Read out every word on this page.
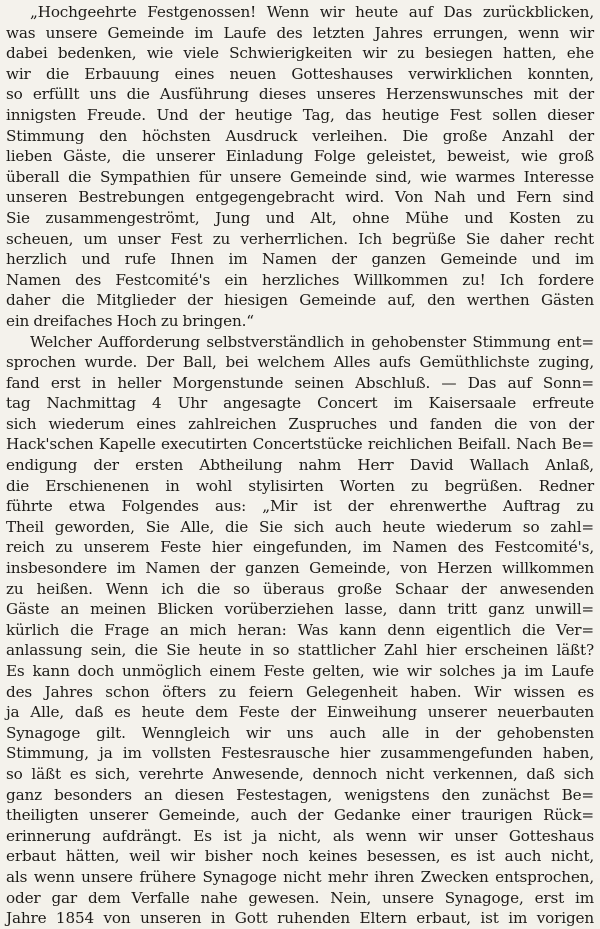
„Hochgeehrte Festgenossen! Wenn wir heute auf Das zurückblicken,
was unsere Gemeinde im Laufe des letzten Jahres errungen, wenn wir
dabei bedenken, wie viele Schwierigkeiten wir zu besiegen hatten, ehe
wir die Erbauung eines neuen Gotteshauses verwirklichen konnten,
so erfüllt uns die Ausführung dieses unseres Herzenswunsches mit der
innigsten Freude. Und der heutige Tag, das heutige Fest sollen dieser
Stimmung den höchsten Ausdruck verleihen. Die große Anzahl der
lieben Gäste, die unserer Einladung Folge geleistet, beweist, wie groß
überall die Sympathien für unsere Gemeinde sind, wie warmes Interesse
unseren Bestrebungen entgegengebracht wird. Von Nah und Fern sind
Sie zusammengeströmt, Jung und Alt, ohne Mühe und Kosten zu
scheuen, um unser Fest zu verherrlichen. Ich begrüße Sie daher recht
herzlich und rufe Ihnen im Namen der ganzen Gemeinde und im
Namen des Festcomité's ein herzliches Willkommen zu! Ich fordere
daher die Mitglieder der hiesigen Gemeinde auf, den werthen Gästen
ein dreifaches Hoch zu bringen.“
Welcher Aufforderung selbstverständlich in gehobenster Stimmung ent=
sprochen wurde. Der Ball, bei welchem Alles aufs Gemüthlichste zuging,
fand erst in heller Morgenstunde seinen Abschluß. — Das auf Sonn=
tag Nachmittag 4 Uhr angesagte Concert im Kaisersaale erfreute
sich wiederum eines zahlreichen Zuspruches und fanden die von der
Hack'schen Kapelle executirten Concertstücke reichlichen Beifall. Nach Be=
endigung der ersten Abtheilung nahm Herr David Wallach Anlaß,
die Erschienenen in wohl stylisirten Worten zu begrüßen. Redner
führte etwa Folgendes aus: „Mir ist der ehrenwerthe Auftrag zu
Theil geworden, Sie Alle, die Sie sich auch heute wiederum so zahl=
reich zu unserem Feste hier eingefunden, im Namen des Festcomité's,
insbesondere im Namen der ganzen Gemeinde, von Herzen willkommen
zu heißen. Wenn ich die so überaus große Schaar der anwesenden
Gäste an meinen Blicken vorüberziehen lasse, dann tritt ganz unwill=
kürlich die Frage an mich heran: Was kann denn eigentlich die Ver=
anlassung sein, die Sie heute in so stattlicher Zahl hier erscheinen läßt?
Es kann doch unmöglich einem Feste gelten, wie wir solches ja im Laufe
des Jahres schon öfters zu feiern Gelegenheit haben. Wir wissen es
ja Alle, daß es heute dem Feste der Einweihung unserer neuerbauten
Synagoge gilt. Wenngleich wir uns auch alle in der gehobensten
Stimmung, ja im vollsten Festesrausche hier zusammengefunden haben,
so läßt es sich, verehrte Anwesende, dennoch nicht verkennen, daß sich
ganz besonders an diesen Festestagen, wenigstens den zunächst Be=
theiligten unserer Gemeinde, auch der Gedanke einer traurigen Rück=
erinnerung aufdrängt. Es ist ja nicht, als wenn wir unser Gotteshaus
erbaut hätten, weil wir bisher noch keines besessen, es ist auch nicht,
als wenn unsere frühere Synagoge nicht mehr ihren Zwecken entsprochen,
oder gar dem Verfalle nahe gewesen. Nein, unsere Synagoge, erst im
Jahre 1854 von unseren in Gott ruhenden Eltern erbaut, ist im vorigen
